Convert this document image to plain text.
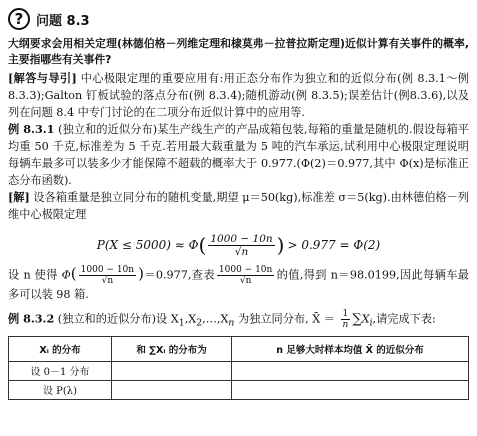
? 问题 8.3

大纲要求会用相关定理(林德伯格－列维定理和棣莫弗－拉普拉斯定理)近似计算有关事件的概率,主要指哪些有关事件?

[解答与导引] 中心极限定理的重要应用有:用正态分布作为独立和的近似分布(例 8.3.1～例 8.3.3);Galton 钉板试验的落点分布(例 8.3.4);随机游动(例 8.3.5);误差估计(例8.3.6),以及列在问题 8.4 中专门讨论的在二项分布近似计算中的应用等.

例 8.3.1 (独立和的近似分布)某生产线生产的产品成箱包装,每箱的重量是随机的.假设每箱平均重 50 千克,标准差为 5 千克.若用最大载重量为 5 吨的汽车承运,试利用中心极限定理说明每辆车最多可以装多少才能保障不超载的概率大于 0.977.(Φ(2)＝0.977,其中 Φ(x)是标准正态分布函数).

[解] 设各箱重量是独立同分布的随机变量,期望 μ＝50(kg),标准差 σ＝5(kg).由林德伯格－列维中心极限定理

P(X ≤ 5000) ≈ Φ ( $\frac{1000 - 10n}{√n}$ ) > 0.977 = Φ(2)

设 n 使得 $\Phi( \frac{1000 - 10n}{√n} )=0.977$,查表 $\frac{1000 - 10n}{√n}$ 的值,得到 n＝98.0199,因此每辆车最多可以装 98 箱.

例 8.3.2 (独立和的近似分布)设 $X_1,X_2,\dots,X_n$ 为独立同分布, X̄ ＝ $\frac{1}{n} \sum X_i$,请完成下表:

Xᵢ 的分布	和 ∑Xᵢ 的分布为	n 足够大时样本均值 X̄ 的近似分布
设 0－1 分布		
设 P(λ)		
